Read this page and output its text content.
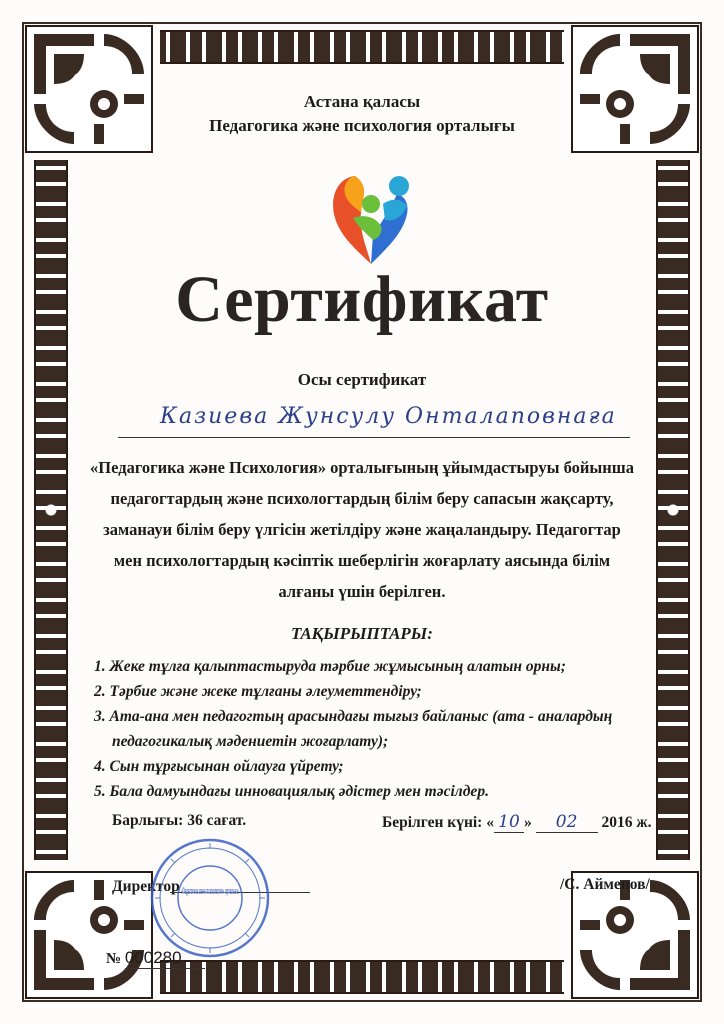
Астана қаласы
Педагогика және психология орталығы
Сертификат
Осы сертификат
Казиева Жунсулу Онталаповнаға
«Педагогика және Психология» орталығының ұйымдастыруы бойынша педагогтардың және психологтардың білім беру сапасын жақсарту, заманауи білім беру үлгісін жетілдіру және жаңаландыру. Педагогтар мен психологтардың кәсіптік шеберлігін жоғарлату аясында білім алғаны үшін берілген.
ТАҚЫРЫПТАРЫ:
1. Жеке тұлға қалыптастыруда тәрбие жұмысының алатын орны;
2. Тәрбие және жеке тұлғаны әлеуметтендіру;
3. Ата-ана мен педагогтың арасындағы тығыз байланыс (ата - аналардың
педагогикалық мәдениетін жоғарлату);
4. Сын тұрғысынан ойлауға үйрету;
5. Бала дамуындағы инновациялық әдістер мен тәсілдер.
Барлығы: 36 сағат.	Берілген күні: « 10 » 02 2016 ж.
Директор	/С. Айменов/
«Педагогика және психология» орталығы
№ 000280
